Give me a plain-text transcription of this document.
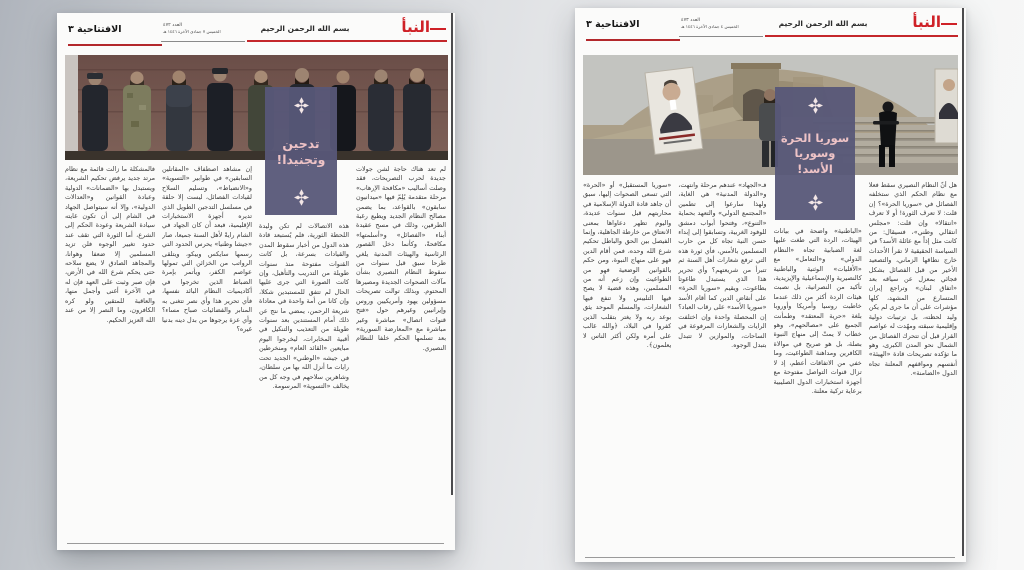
النبأ
بسم الله الرحمن الرحيم
العدد ٤٧٢
الخميس ٧ جمادى الآخرة ١٤٤٦ هـ
الافتتاحية ٣
تدجين
وتجنيدا!
لم تعد هناك حاجة لشن جولات جديدة لحرب التصريحات، فقد وصلت أساليب «مكافحة الإرهاب» مرحلة متقدمة يُلِمّ فيها «ميدانيون سابقون» بالقواعد، بما يضمن مصالح النظام الجديد ويطيع رغبة الطرفين، وذلك في مسح عقيدة أبناء «الفصائل» و«أسلمتها» مكافحةً، وكأنما دخل القصور الرئاسية والهيئات المدنية يلغي طرحا سبق قبل سنوات من سقوط النظام النصيري بشأن مآلات الصحوات الجديدة ومصيرها المحتوم. وبذلك توالت تصريحات مسؤولين يهود وأمريكيين وروس وإيرانيين وغيرهم حول «فتح قنوات اتصال» مباشرة وغير مباشرة مع «المعارضة السورية» بعد تسلمها الحكم خلفا للنظام النصيري.
هذه الاتصالات لم تكن وليدة اللحظة الثورية، فلم يُستبعد قادة هذه الدول من أخبار سقوط المدن والقيادات بسرعة، بل كانت القنوات مفتوحة منذ سنوات طويلة من التدريب والتأهيل، وإن كانت الصورة التي جرى عليها الحال لم تتفق للمستبدين شكلا، وإن كانا من أمة واحدة في معاداة شريعة الرحمن، يمضي ما نتج عن ذلك أمام المستندين بعد سنوات طويلة من التعذيب والتنكيل في أقبية المخابرات، ليخرجوا اليوم مبايعين «القائد العام» ومنخرطين في جيشه «الوطني» الجديد تحت رايات ما أنزل الله بها من سلطان، وشاهرين سلاحهم في وجه كل من يخالف «التسوية» المرسومة.
إن مشاهد اصطفاف «المقاتلين السابقين» في طوابير «التسوية» و«الانضباط»، وتسليم السلاح لقيادات الفصائل، ليست إلا حلقة في مسلسل التدجين الطويل الذي تديره أجهزة الاستخبارات الإقليمية، فبعد أن كان الجهاد في الشام رايةً لأهل السنة جميعا، صار «جيشا وطنيا» يحرس الحدود التي رسمها سايكس وبيكو، ويتلقى الرواتب من الخزائن التي تمولها عواصم الكفر، ويأتمر بإمرة الضباط الذين تخرجوا في أكاديميات النظام البائد نفسها، فأي تحرير هذا وأي نصر تتغنى به المنابر والفضائيات صباح مساء؟ وأي عزة يرجوها من بدل دينه بدنيا غيره؟
فالمشكلة ما زالت قائمة مع نظام مرتد جديد يرفض تحكيم الشريعة، ويستبدل بها «الضمانات» الدولية وعبادة القوانين و«العدالات الدولية»، وإلا أنه سيتواصل الجهاد في الشام إلى أن تكون غايته سيادة الشريعة وعودة الحكم إلى الشرع، أما الثورة التي تقف عند حدود تغيير الوجوه فلن تزيد المسلمين إلا ضعفا وهوانا، والمجاهد الصادق لا يضع سلاحه حتى يحكم شرع الله في الأرض، فإن صبر وثبت على العهد فإن له في الآخرة أغنى وأجمل منها، والعاقبة للمتقين ولو كره الكافرون، وما النصر إلا من عند الله العزيز الحكيم.
النبأ
بسم الله الرحمن الرحيم
العدد ٤٧٣
الخميس ٤ جمادى الآخرة ١٤٤٦ هـ
الافتتاحية ٣
سوريا الحرة
وسوريا
الأسد!
هل أنّ النظام النصيري سقط فعلا مع نظام الحكم الذي ستخلفه الفصائل في «سوريا الحرة»؟ إن قلت: لا تعرف الثورة! أو لا تعرف «انتقالا» وإن قلت: «مجلس انتقالي وطني»، فسيقال: من كانت مثل إذاً مع عائلة الأسد؟ في السياسة الحقيقية لا تقرأ الأحداث خارج نطاقها الزماني، والتصعيد الأخير من قبل الفصائل بشكل فجائي بمعزل عن سياقه بعد «اتفاق لبنان» وتراجع إيران المتسارع من المشهد، كلها مؤشرات على أن ما جرى لم يكن وليد لحظته، بل ترتيبات دولية وإقليمية سبقته ومهّدت له عواصم القرار قبل أن تتحرك الفصائل من الشمال نحو المدن الكبرى، وهو ما تؤكده تصريحات قادة «الهيئة» أنفسهم ومواقفهم المعلنة تجاه الدول «الضامنة».
«الباطنية» واضحة في بيانات الهيئات، الردة التي طغت عليها لغة الضبابية تجاه «النظام الدولي» و«التعامل» مع «الأقليات» الوثنية والباطنية كالنصيرية والإسماعيلية والإيزيدية، تأكيد من النصرانية، بل نصبت هيئات الردة أكثر من ذلك عندما خاطبت روسيا وأمريكا وأوروبا بلغة «حرية المعتقد» وطمأنت الجميع على «مصالحهم»، وهو خطاب لا يمتّ إلى منهاج النبوة بصلة، بل هو صريح في موالاة الكافرين ومداهنة الطواغيت، وما خفي من الاتفاقات أعظم، إذ لا تزال قنوات التواصل مفتوحة مع أجهزة استخبارات الدول الصليبية برعاية تركية معلنة.
فـ«الجهاد» عندهم مرحلة وانتهت، و«الدولة المدنية» هي الغاية، ولهذا سارعوا إلى تطمين «المجتمع الدولي» والتعهد بحماية «التنوع»، وفتحوا أبواب دمشق للوفود الغربية، وتسابقوا إلى إبداء حسن النية تجاه كل من حارب المسلمين بالأمس، فأي ثورة هذه التي ترفع شعارات أهل السنة ثم تتبرأ من شريعتهم؟ وأي تحرير هذا الذي يستبدل طاغوتا بطاغوت، ويقيم «سوريا الحرة» على أنقاض الدين كما أقام الأسد «سوريا الأسد» على رقاب العباد؟ إن المحصلة واحدة وإن اختلفت الرايات والشعارات المرفوعة في الساحات، والموازين لا تتبدل بتبدل الوجوه.
«سوريا المستقبل» أو «الحرة» التي تسعى الصحوات إليها، سبق أن جاهد قادة الدولة الإسلامية في محاربتهم قبل سنوات عديدة، واليوم تظهر دعاواها بمعنى الانعتاق من خارطة الجاهلية، وإنما الفيصل بين الحق والباطل تحكيم شرع الله وحده، فمن أقام الدين فهو على منهاج النبوة، ومن حكم بالقوانين الوضعية فهو من الطواغيت وإن زعم أنه من المسلمين، وهذه قضية لا يصح فيها التلبيس ولا تنفع فيها الشعارات، والمسلم الموحد يثق بوعد ربه ولا يغتر بتقلب الذين كفروا في البلاد، ﴿والله غالب على أمره ولكن أكثر الناس لا يعلمون﴾.
